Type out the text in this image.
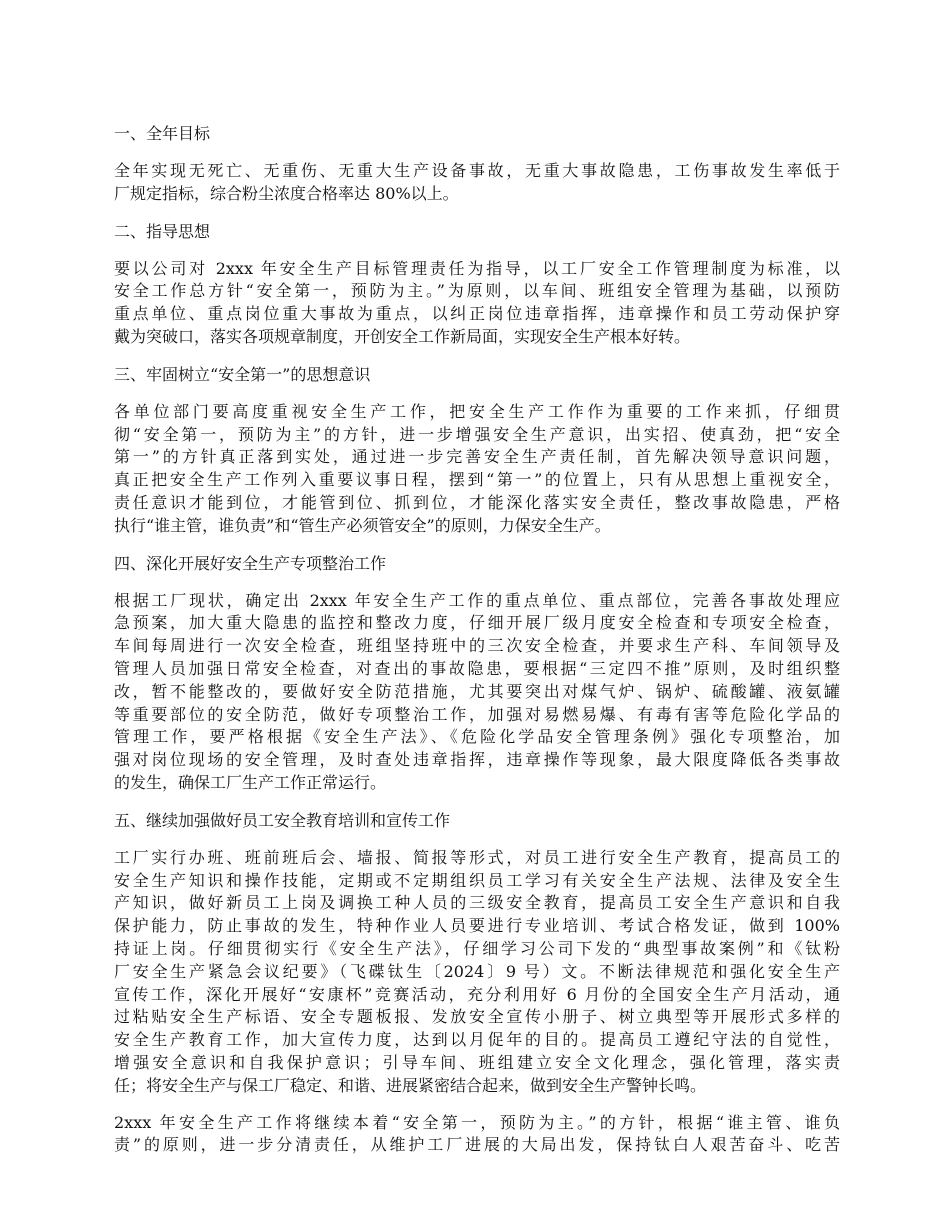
一、全年目标
全年实现无死亡、无重伤、无重大生产设备事故，无重大事故隐患，工伤事故发生率低于
厂规定指标，综合粉尘浓度合格率达 80%以上。
二、指导思想
要以公司对 2xxx 年安全生产目标管理责任为指导，以工厂安全工作管理制度为标准，以
安全工作总方针“安全第一，预防为主。”为原则，以车间、班组安全管理为基础，以预防
重点单位、重点岗位重大事故为重点，以纠正岗位违章指挥，违章操作和员工劳动保护穿
戴为突破口，落实各项规章制度，开创安全工作新局面，实现安全生产根本好转。
三、牢固树立“安全第一”的思想意识
各单位部门要高度重视安全生产工作，把安全生产工作作为重要的工作来抓，仔细贯
彻“安全第一，预防为主”的方针，进一步增强安全生产意识，出实招、使真劲，把“安全
第一”的方针真正落到实处，通过进一步完善安全生产责任制，首先解决领导意识问题，
真正把安全生产工作列入重要议事日程，摆到“第一”的位置上，只有从思想上重视安全，
责任意识才能到位，才能管到位、抓到位，才能深化落实安全责任，整改事故隐患，严格
执行“谁主管，谁负责”和“管生产必须管安全”的原则，力保安全生产。
四、深化开展好安全生产专项整治工作
根据工厂现状，确定出 2xxx 年安全生产工作的重点单位、重点部位，完善各事故处理应
急预案，加大重大隐患的监控和整改力度，仔细开展厂级月度安全检查和专项安全检查，
车间每周进行一次安全检查，班组坚持班中的三次安全检查，并要求生产科、车间领导及
管理人员加强日常安全检查，对查出的事故隐患，要根据“三定四不推”原则，及时组织整
改，暂不能整改的，要做好安全防范措施，尤其要突出对煤气炉、锅炉、硫酸罐、液氨罐
等重要部位的安全防范，做好专项整治工作，加强对易燃易爆、有毒有害等危险化学品的
管理工作，要严格根据《安全生产法》、《危险化学品安全管理条例》强化专项整治，加
强对岗位现场的安全管理，及时查处违章指挥，违章操作等现象，最大限度降低各类事故
的发生，确保工厂生产工作正常运行。
五、继续加强做好员工安全教育培训和宣传工作
工厂实行办班、班前班后会、墙报、简报等形式，对员工进行安全生产教育，提高员工的
安全生产知识和操作技能，定期或不定期组织员工学习有关安全生产法规、法律及安全生
产知识，做好新员工上岗及调换工种人员的三级安全教育，提高员工安全生产意识和自我
保护能力，防止事故的发生，特种作业人员要进行专业培训、考试合格发证，做到 100%
持证上岗。仔细贯彻实行《安全生产法》，仔细学习公司下发的“典型事故案例”和《钛粉
厂安全生产紧急会议纪要》（飞碟钛生〔2024〕9 号）文。不断法律规范和强化安全生产
宣传工作，深化开展好“安康杯”竞赛活动，充分利用好 6 月份的全国安全生产月活动，通
过粘贴安全生产标语、安全专题板报、发放安全宣传小册子、树立典型等开展形式多样的
安全生产教育工作，加大宣传力度，达到以月促年的目的。提高员工遵纪守法的自觉性，
增强安全意识和自我保护意识；引导车间、班组建立安全文化理念，强化管理，落实责
任；将安全生产与保工厂稳定、和谐、进展紧密结合起来，做到安全生产警钟长鸣。
2xxx 年安全生产工作将继续本着“安全第一，预防为主。”的方针，根据“谁主管、谁负
责”的原则，进一步分清责任，从维护工厂进展的大局出发，保持钛白人艰苦奋斗、吃苦
